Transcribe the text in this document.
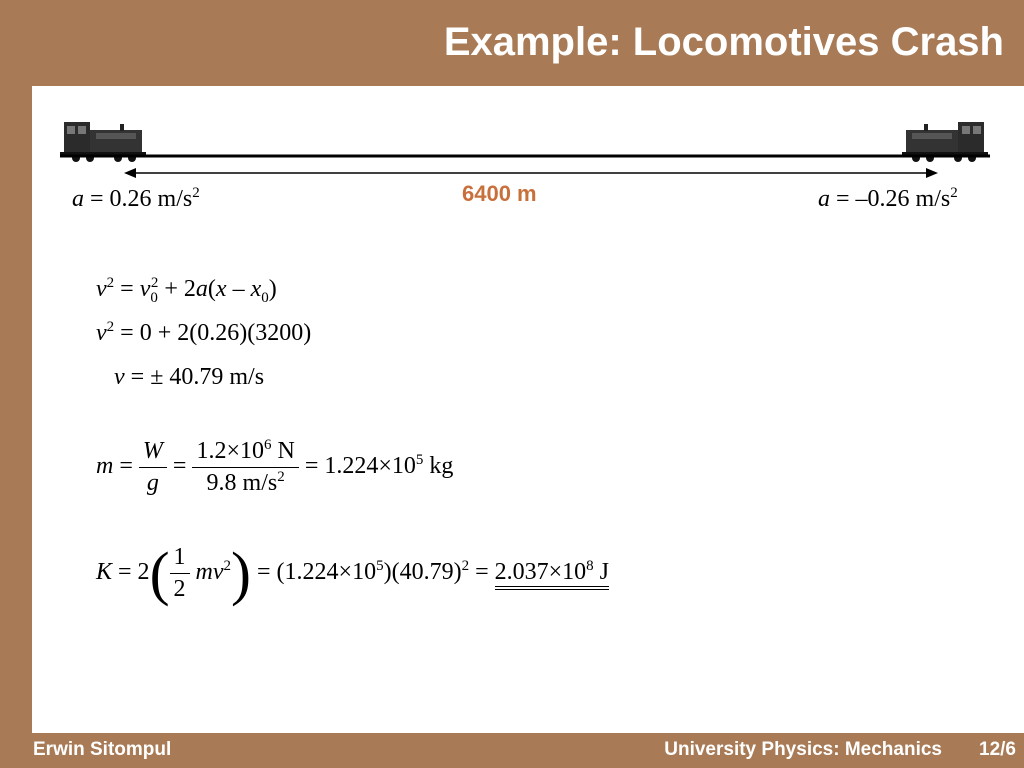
Example: Locomotives Crash
6400 m
a = 0.26 $m/s^2$	a = –0.26 $m/s^2$
$v^2 = v_0^2 + 2a(x - x_0)$
$v^2 = 0 + 2(0.26)(3200)$
v = ± 40.79 m/s
$m = \frac{W}{g} = \frac{1.2\times 10^6 N}{9.8 m/s^2} = 1.224\times 10^5$ kg
$K = 2( \frac{1}{2} mv^2) = (1.224\times 10^5)(40.79)^2 = 2.037\times 10^8$ J
Erwin Sitompul	University Physics: Mechanics 12/6
